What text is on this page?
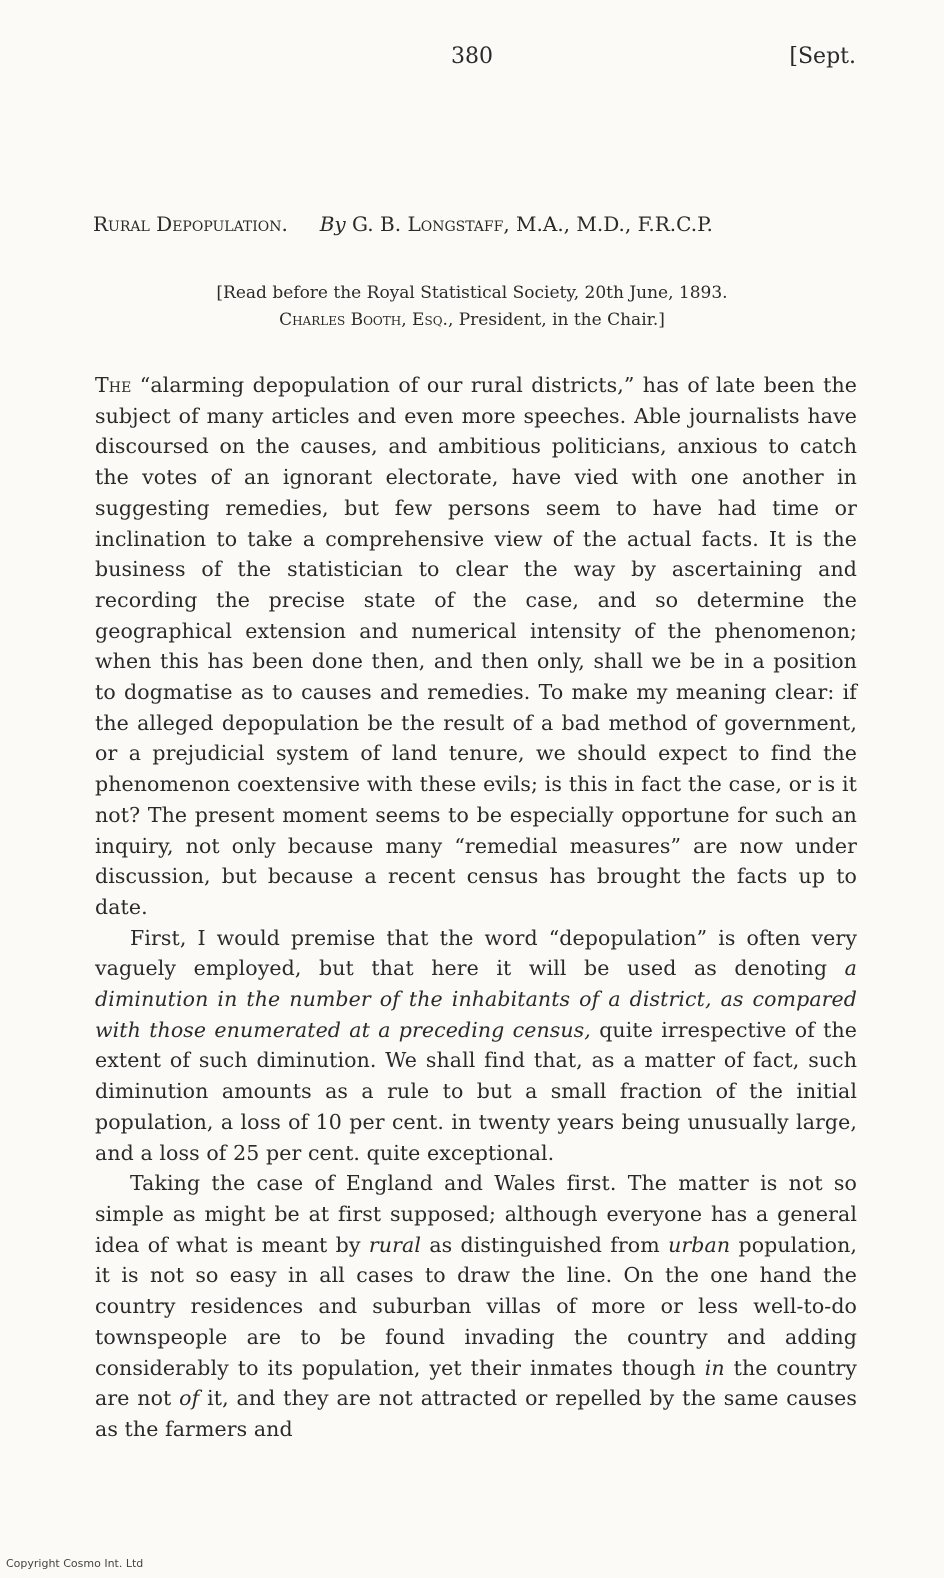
380	[Sept.
Rural Depopulation. By G. B. Longstaff, M.A., M.D., F.R.C.P.
[Read before the Royal Statistical Society, 20th June, 1893.
Charles Booth, Esq., President, in the Chair.]

The “alarming depopulation of our rural districts,” has of late been the subject of many articles and even more speeches. Able journalists have discoursed on the causes, and ambitious politicians, anxious to catch the votes of an ignorant electorate, have vied with one another in suggesting remedies, but few persons seem to have had time or inclination to take a comprehensive view of the actual facts. It is the business of the statistician to clear the way by ascertaining and recording the precise state of the case, and so determine the geographical extension and numerical intensity of the phenomenon; when this has been done then, and then only, shall we be in a position to dogmatise as to causes and remedies. To make my meaning clear: if the alleged depopulation be the result of a bad method of government, or a prejudicial system of land tenure, we should expect to find the phenomenon coextensive with these evils; is this in fact the case, or is it not? The present moment seems to be especially opportune for such an inquiry, not only because many “remedial measures” are now under discussion, but because a recent census has brought the facts up to date.

First, I would premise that the word “depopulation” is often very vaguely employed, but that here it will be used as denoting a diminution in the number of the inhabitants of a district, as compared with those enumerated at a preceding census, quite irrespective of the extent of such diminution. We shall find that, as a matter of fact, such diminution amounts as a rule to but a small fraction of the initial population, a loss of 10 per cent. in twenty years being unusually large, and a loss of 25 per cent. quite exceptional.

Taking the case of England and Wales first. The matter is not so simple as might be at first supposed; although everyone has a general idea of what is meant by rural as distinguished from urban population, it is not so easy in all cases to draw the line. On the one hand the country residences and suburban villas of more or less well-to-do townspeople are to be found invading the country and adding considerably to its population, yet their inmates though in the country are not of it, and they are not attracted or repelled by the same causes as the farmers and

Copyright Cosmo Int. Ltd
